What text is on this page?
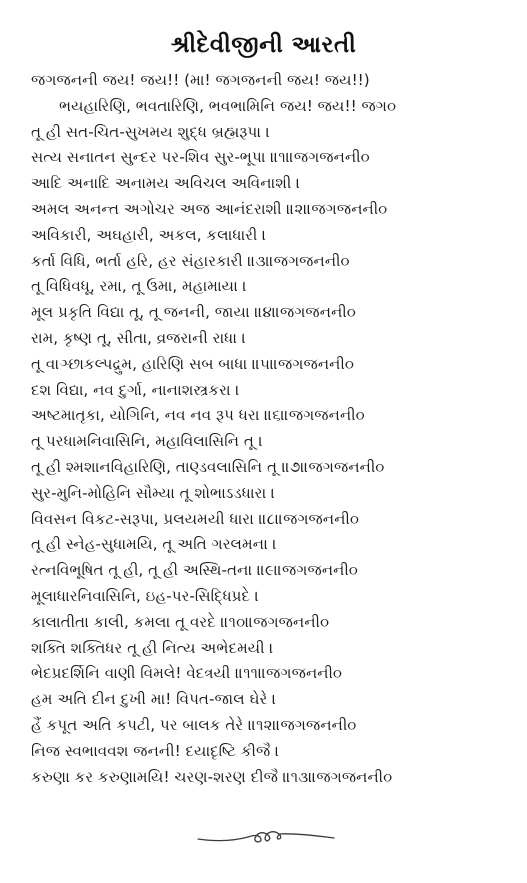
શ્રીદેવીજીની આરતી
જગજનની જય! જય!! (મા! જગજનની જય! જય!!)
ભયહારિણિ, ભવતારિણિ, ભવભામિનિ જય! જય!! જગ૦
તૂ હી સત-ચિત-સુખમય શુદ્ધ બ્રહ્મરૂપા ।
સત્ય સનાતન સુન્દર પર-શિવ સુર-ભૂપા ॥૧॥જગજનની૦
આદિ અનાદિ અનામય અવિચલ અવિનાશી ।
અમલ અનન્ત અગોચર અજ આનંદરાશી ॥૨॥જગજનની૦
અવિકારી, અઘહારી, અકલ, કલાધારી ।
કર્તા વિધિ, ભર્તા હરિ, હર સંહારકારી ॥૩॥જગજનની૦
તૂ વિધિવધૂ, રમા, તૂ ઉમા, મહામાયા ।
મૂલ પ્રકૃતિ વિદ્યા તૂ, તૂ જનની, જાયા ॥૪॥જગજનની૦
રામ, કૃષ્ણ તૂ, સીતા, વ્રજરાની રાધા ।
તૂ વાઞ્છાકલ્પદ્રુમ, હારિણિ સબ બાધા ॥૫॥જગજનની૦
દશ વિદ્યા, નવ દુર્ગા, નાનાશસ્ત્રકરા ।
અષ્ટમાતૃકા, યોગિનિ, નવ નવ રૂપ ધરા ॥૬॥જગજનની૦
તૂ પરધામનિવાસિનિ, મહાવિલાસિનિ તૂ ।
તૂ હી શ્મશાનવિહારિણિ, તાણ્ડવલાસિનિ તૂ ॥૭॥જગજનની૦
સુર-મુનિ-મોહિનિ સૌમ્યા તૂ શોભાઽડધારા ।
વિવસન વિકટ-સરૂપા, પ્રલયમયી ધારા ॥૮॥જગજનની૦
તૂ હી સ્નેહ-સુધામયિ, તૂ અતિ ગરલમના ।
રત્નવિભૂષિત તૂ હી, તૂ હી અસ્થિ-તના ॥૯॥જગજનની૦
મૂલાધારનિવાસિનિ, ઇહ-પર-સિદ્ધિપ્રદે ।
કાલાતીતા કાલી, કમલા તૂ વરદે ॥૧૦॥જગજનની૦
શક્તિ શક્તિધર તૂ હી નિત્ય અભેદમયી ।
ભેદપ્રદર્શિનિ વાણી વિમલે! વેદત્રયી ॥૧૧॥જગજનની૦
હમ અતિ દીન દુખી મા! વિપત-જાલ ઘેરે ।
હૈં કપૂત અતિ કપટી, પર બાલક તેરે ॥૧૨॥જગજનની૦
નિજ સ્વભાવવશ જનની! દયાદૃષ્ટિ કીજૈ ।
કરુણા કર કરુણામયિ! ચરણ-શરણ દીજૈ ॥૧૩॥જગજનની૦
